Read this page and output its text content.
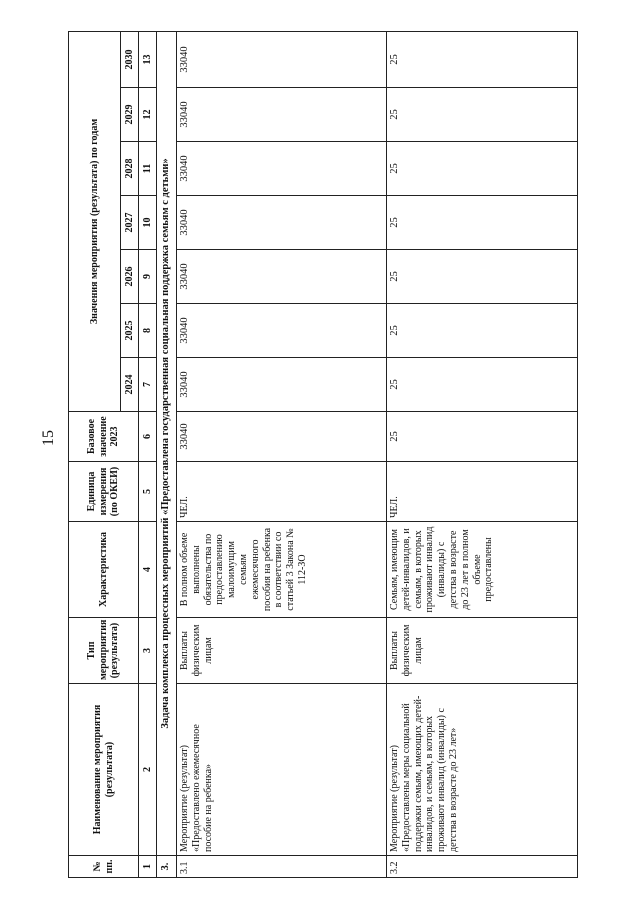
15
№ пп.	Наименование мероприятия (результата)	Тип мероприятия (результата)	Характеристика	Единица измерения (по ОКЕИ)	Базовое значение 2023	Значения мероприятия (результата) по годам						
						2024	2025	2026	2027	2028	2029	2030
1	2	3	4	5	6	7	8	9	10	11	12	13
3.	Задача комплекса процессных мероприятий «Предоставлена государственная социальная поддержка семьям с детьми»											
3.1	Мероприятие (результат) «Предоставлено ежемесячное пособие на ребенка»	Выплаты физическим лицам	В полном объеме выполнены обязательства по предоставлению малоимущим семьям ежемесячного пособия на ребенка в соответствии со статьей 3 Закона № 112-ЗО	ЧЕЛ.	33040	33040	33040	33040	33040	33040	33040	33040
3.2	Мероприятие (результат) «Предоставлены меры социальной поддержки семьям, имеющих детей-инвалидов, и семьям, в которых проживают инвалид (инвалиды) с детства в возрасте до 23 лет»	Выплаты физическим лицам	Семьям, имеющим детей-инвалидов, и семьям, в которых проживают инвалид (инвалиды) с детства в возрасте до 23 лет в полном объеме предоставлены	ЧЕЛ.	25	25	25	25	25	25	25	25
